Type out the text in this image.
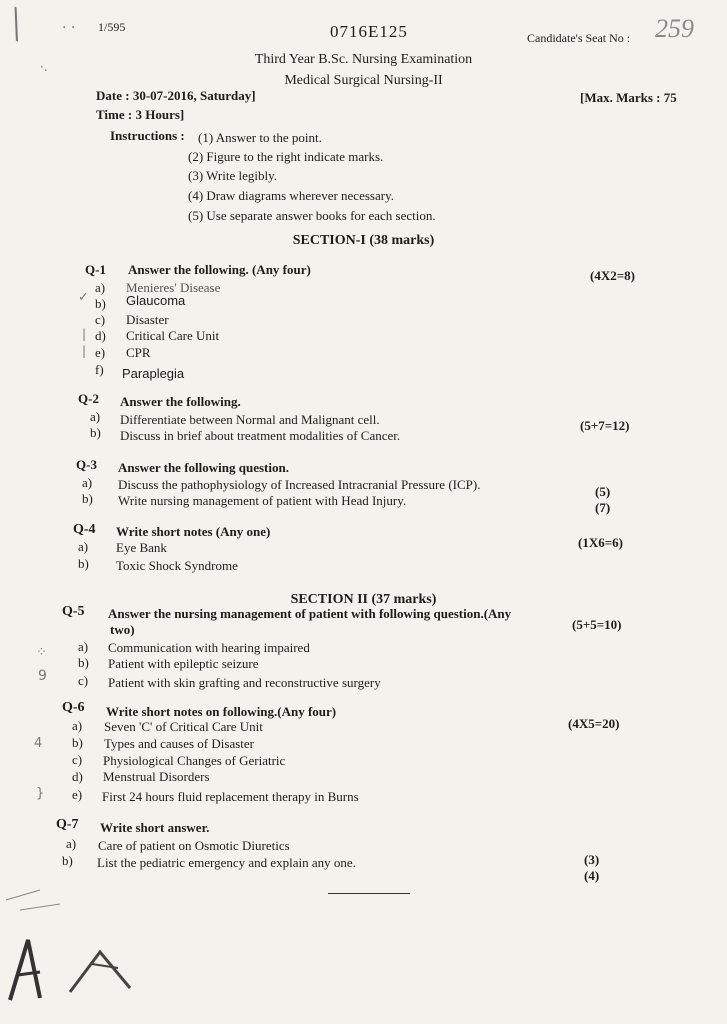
╲ · ·
·.
1/595	0716E125	Candidate's Seat No : 259
Third Year B.Sc. Nursing Examination
Medical Surgical Nursing-II
Date : 30-07-2016, Saturday]
Time : 3 Hours]
[Max. Marks : 75
Instructions : (1) Answer to the point.
(2) Figure to the right indicate marks.
(3) Write legibly.
(4) Draw diagrams wherever necessary.
(5) Use separate answer books for each section.
SECTION-I (38 marks)
Q-1 Answer the following. (Any four)	(4X2=8)
a) Menieres' Disease
b) Glaucoma
c) Disaster
d) Critical Care Unit
e) CPR
f) Paraplegia
✓
|
|
Q-2 Answer the following.
(5+7=12)
a) Differentiate between Normal and Malignant cell.
b) Discuss in brief about treatment modalities of Cancer.
Q-3 Answer the following question.
a) Discuss the pathophysiology of Increased Intracranial Pressure (ICP).	(5)
b) Write nursing management of patient with Head Injury.	(7)
Q-4 Write short notes (Any one)
(1X6=6)
a) Eye Bank
b) Toxic Shock Syndrome
SECTION II (37 marks)
Q-5 Answer the nursing management of patient with following question.(Any
two)	(5+5=10)
a) Communication with hearing impaired
b) Patient with epileptic seizure
c) Patient with skin grafting and reconstructive surgery
⁘
9
Q-6 Write short notes on following.(Any four)
(4X5=20)
a) Seven 'C' of Critical Care Unit
b) Types and causes of Disaster
c) Physiological Changes of Geriatric
d) Menstrual Disorders
e) First 24 hours fluid replacement therapy in Burns
4
}
Q-7 Write short answer.
a) Care of patient on Osmotic Diuretics
(3)
b) List the pediatric emergency and explain any one.
(4)
